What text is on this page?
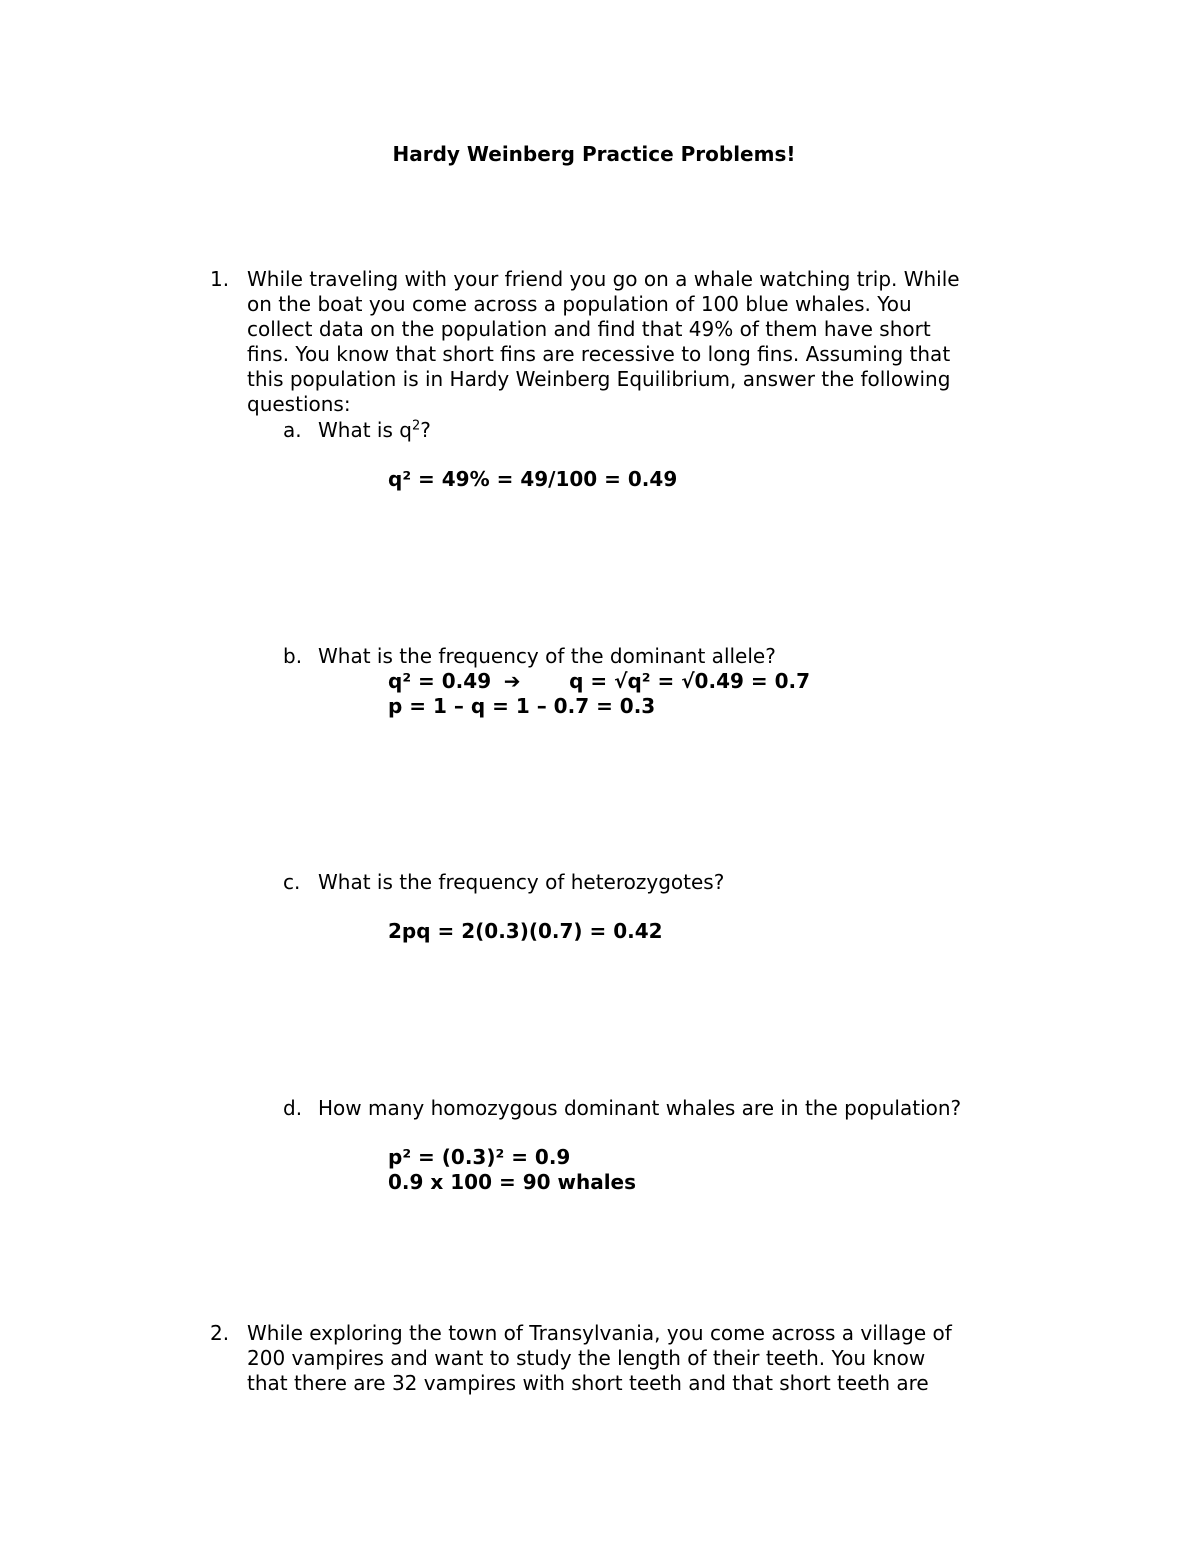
Hardy Weinberg Practice Problems!
1. While traveling with your friend you go on a whale watching trip. While
on the boat you come across a population of 100 blue whales. You
collect data on the population and find that 49% of them have short
fins. You know that short fins are recessive to long fins. Assuming that
this population is in Hardy Weinberg Equilibrium, answer the following
questions:
a. What is $q^2$?
q² = 49% = 49/100 = 0.49
b. What is the frequency of the dominant allele?
q² = 0.49 ➔ q = √q² = √0.49 = 0.7
p = 1 – q = 1 – 0.7 = 0.3
c. What is the frequency of heterozygotes?
2pq = 2(0.3)(0.7) = 0.42
d. How many homozygous dominant whales are in the population?
p² = (0.3)² = 0.9
0.9 x 100 = 90 whales
2. While exploring the town of Transylvania, you come across a village of
200 vampires and want to study the length of their teeth. You know
that there are 32 vampires with short teeth and that short teeth are
